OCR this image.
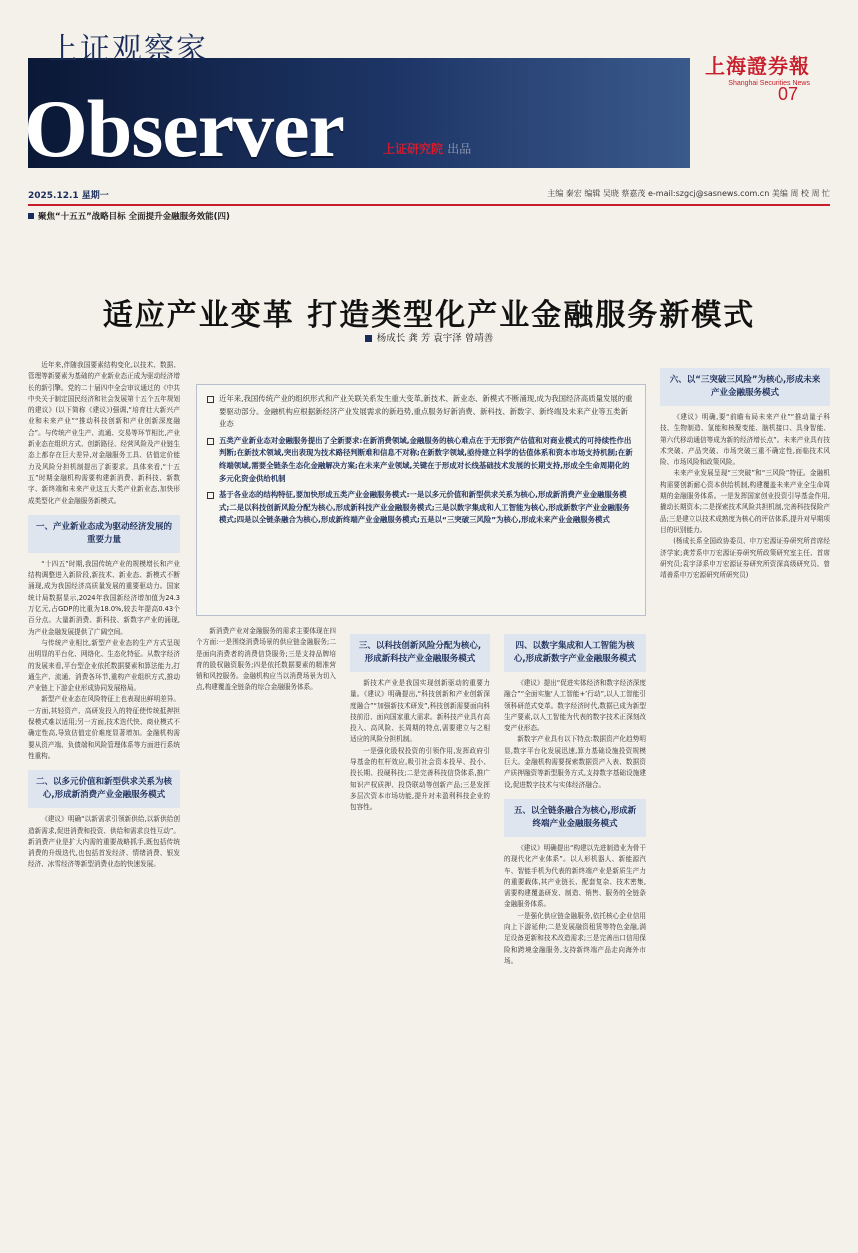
上证观察家
Observer	上证研究院 出品
上海證券報
Shanghai Securities News
07
2025.12.1 星期一	主编 秦宏 编辑 吴晓 蔡嘉茂 e-mail:szgcj@sasnews.com.cn 美编 周 校 周 忙
聚焦“十五五”战略目标 全面提升金融服务效能(四)
适应产业变革 打造类型化产业金融服务新模式
杨成长 龚 芳 袁宇泽 曾靖善
近年来,我国传统产业的组织形式和产业关联关系发生重大变革,新技术、新业态、新模式不断涌现,成为我国经济高质量发展的重要驱动部分。金融机构应根据新经济产业发展需求的新趋势,重点服务好新消费、新科技、新数字、新终端及未来产业等五类新业态
五类产业新业态对金融服务提出了全新要求:在新消费领域,金融服务的核心难点在于无形资产估值和对商业模式的可持续性作出判断;在新技术领域,突出表现为技术路径判断难和信息不对称;在新数字领域,亟待建立科学的估值体系和资本市场支持机制;在新终端领域,需要全链条生态化金融解决方案;在未来产业领域,关键在于形成对长线基础技术发展的长期支持,形成全生命周期化的多元化资金供给机制
基于各业态的结构特征,要加快形成五类产业金融服务模式:一是以多元价值和新型供求关系为核心,形成新消费产业金融服务模式;二是以科技创新风险分配为核心,形成新科技产业金融服务模式;三是以数字集成和人工智能为核心,形成新数字产业金融服务模式;四是以全链条融合为核心,形成新终端产业金融服务模式;五是以“三突破三风险”为核心,形成未来产业金融服务模式

近年来,伴随我国要素结构变化,以技术、数据、管理等新要素为基础的产业新业态正成为驱动经济增长的新引擎。党的二十届四中全会审议通过的《中共中央关于制定国民经济和社会发展第十五个五年规划的建议》(以下简称《建议》)强调,“培育壮大新兴产业和未来产业”“推动科技创新和产业创新深度融合”。与传统产业生产、流通、交易等环节相比,产业新业态在组织方式、创新路径、经营风险及产业链生态上都存在巨大差异,对金融服务工具、估值定价能力及风险分担机制提出了新要求。具体来看,“十五五”时期金融机构需要构建新消费、新科技、新数字、新终端和未来产业这五大类产业新业态,加快形成类型化产业金融服务新模式。

一、产业新业态成为驱动经济发展的重要力量

“十四五”时期,我国传统产业的规模增长和产业结构调整进入新阶段,新技术、新业态、新模式不断涌现,成为我国经济高质量发展的重要驱动力。国家统计局数据显示,2024年我国新经济增加值为24.3万亿元,占GDP的比重为18.0%,较去年提高0.43个百分点。大量新消费、新科技、新数字产业的涌现,为产业金融发展提供了广阔空间。

与传统产业相比,新型产业业态的生产方式呈现出明显的平台化、网络化、生态化特征。从数字经济的发展来看,平台型企业依托数据要素和算法能力,打通生产、流通、消费各环节,重构产业组织方式,推动产业链上下游企业形成协同发展格局。

新型产业业态在风险特征上也表现出鲜明差异。一方面,其轻资产、高研发投入的特征使传统抵押担保模式难以适用;另一方面,技术迭代快、商业模式不确定性高,导致估值定价难度显著增加。金融机构需要从资产端、负债端和风险管理体系等方面进行系统性重构。

二、以多元价值和新型供求关系为核心,形成新消费产业金融服务模式

《建议》明确“以新需求引领新供给,以新供给创造新需求,促进消费和投资、供给和需求良性互动”。新消费产业是扩大内需的重要战略抓手,既包括传统消费的升级迭代,也包括首发经济、情绪消费、银发经济、冰雪经济等新型消费业态的快速发展。

新消费产业对金融服务的需求主要体现在四个方面:一是围绕消费场景的供应链金融服务;二是面向消费者的消费信贷服务;三是支持品牌培育的股权融资服务;四是依托数据要素的精准营销和风控服务。金融机构应当以消费场景为切入点,构建覆盖全链条的综合金融服务体系。

三、以科技创新风险分配为核心,形成新科技产业金融服务模式

新技术产业是我国实现创新驱动的重要力量。《建议》明确提出,“科技创新和产业创新深度融合”“加强新技术研发”,科技创新需要面向科技前沿、面向国家重大需求。新科技产业具有高投入、高风险、长周期的特点,需要建立与之相适应的风险分担机制。

一是强化股权投资的引领作用,发挥政府引导基金的杠杆效应,吸引社会资本投早、投小、投长期、投硬科技;二是完善科技信贷体系,推广知识产权质押、投贷联动等创新产品;三是发挥多层次资本市场功能,提升对未盈利科技企业的包容性。

四、以数字集成和人工智能为核心,形成新数字产业金融服务模式

《建议》提出“促进实体经济和数字经济深度融合”“全面实施‘人工智能+’行动”,以人工智能引领科研范式变革。数字经济时代,数据已成为新型生产要素,以人工智能为代表的数字技术正深刻改变产业形态。

新数字产业具有以下特点:数据资产化趋势明显,数字平台化发展迅速,算力基础设施投资规模巨大。金融机构需要探索数据资产入表、数据资产质押融资等新型服务方式,支持数字基础设施建设,促进数字技术与实体经济融合。

五、以全链条融合为核心,形成新终端产业金融服务模式

《建议》明确提出“构建以先进制造业为骨干的现代化产业体系”。以人形机器人、新能源汽车、智能手机为代表的新终端产业是新质生产力的重要载体,其产业链长、配套复杂、技术密集,需要构建覆盖研发、制造、销售、服务的全链条金融服务体系。

一是强化供应链金融服务,依托核心企业信用向上下游延伸;二是发展融资租赁等特色金融,满足设备更新和技术改造需求;三是完善出口信用保险和跨境金融服务,支持新终端产品走向海外市场。

六、以“三突破三风险”为核心,形成未来产业金融服务模式

《建议》明确,要“前瞻布局未来产业”“推动量子科技、生物制造、氢能和核聚变能、脑机接口、具身智能、第六代移动通信等成为新的经济增长点”。未来产业具有技术突破、产品突破、市场突破三重不确定性,面临技术风险、市场风险和政策风险。

未来产业发展呈现“三突破”和“三风险”特征。金融机构需要创新耐心资本供给机制,构建覆盖未来产业全生命周期的金融服务体系。一是发挥国家创业投资引导基金作用,撬动长期资本;二是探索技术风险共担机制,完善科技保险产品;三是建立以技术成熟度为核心的评估体系,提升对早期项目的识别能力。

(杨成长系全国政协委员、申万宏源证券研究所首席经济学家;龚芳系申万宏源证券研究所政策研究室主任、首席研究员;袁宇泽系申万宏源证券研究所资深高级研究员、曾靖善系申万宏源研究所研究员)
